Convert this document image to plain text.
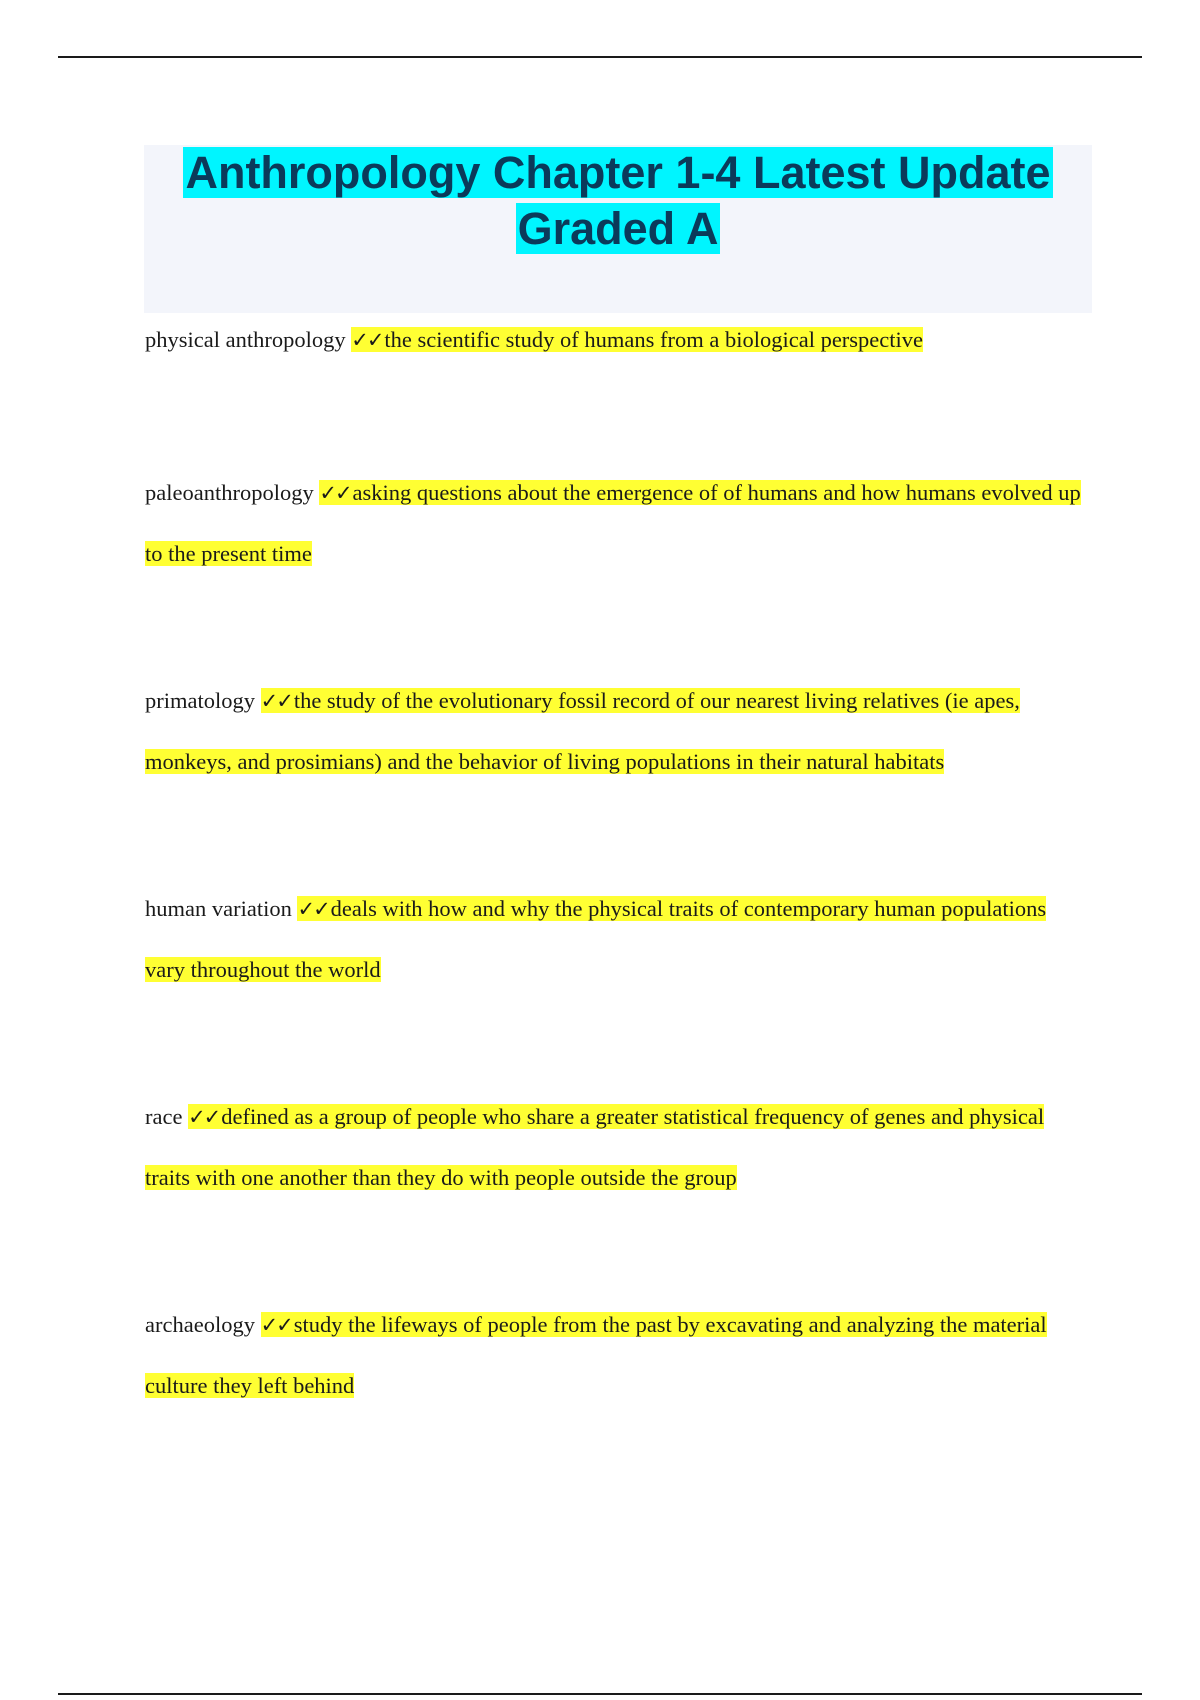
Anthropology Chapter 1-4 Latest Update
Graded A
physical anthropology ✓✓the scientific study of humans from a biological perspective
paleoanthropology ✓✓asking questions about the emergence of of humans and how humans evolved up to the present time
primatology ✓✓the study of the evolutionary fossil record of our nearest living relatives (ie apes, monkeys, and prosimians) and the behavior of living populations in their natural habitats
human variation ✓✓deals with how and why the physical traits of contemporary human populations vary throughout the world
race ✓✓defined as a group of people who share a greater statistical frequency of genes and physical traits with one another than they do with people outside the group
archaeology ✓✓study the lifeways of people from the past by excavating and analyzing the material culture they left behind
